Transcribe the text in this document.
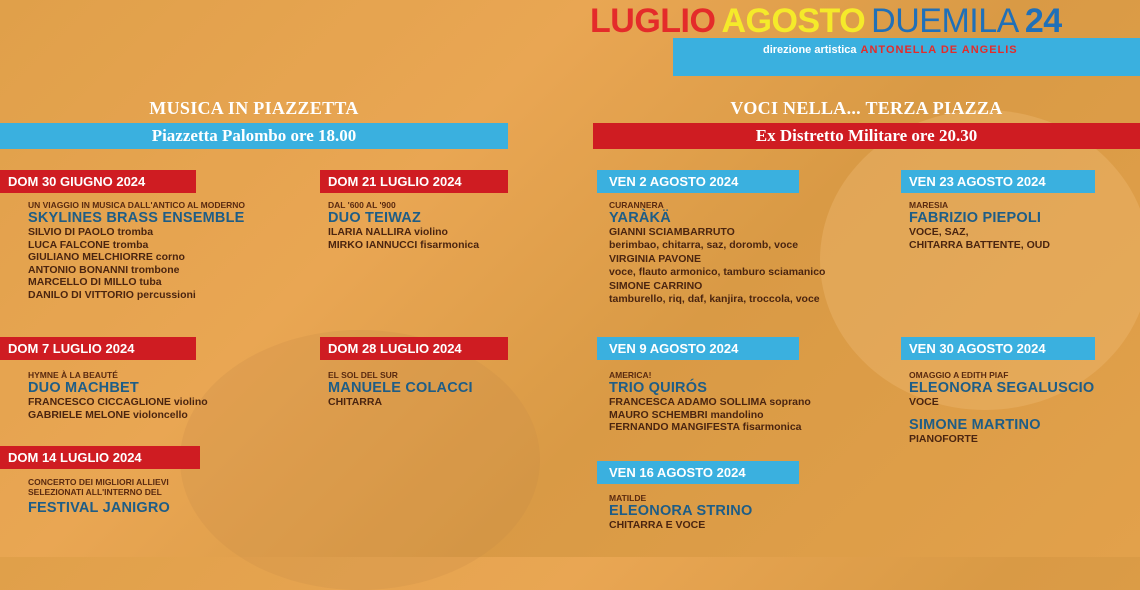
LUGLIO AGOSTO DUEMILA 24
direzione artistica ANTONELLA DE ANGELIS
MUSICA IN PIAZZETTA
Piazzetta Palombo ore 18.00
VOCI NELLA... TERZA PIAZZA
Ex Distretto Militare ore 20.30
DOM 30 GIUGNO 2024
UN VIAGGIO IN MUSICA DALL'ANTICO AL MODERNO
SKYLINES BRASS ENSEMBLE
SILVIO DI PAOLO tromba
LUCA FALCONE tromba
GIULIANO MELCHIORRE corno
ANTONIO BONANNI trombone
MARCELLO DI MILLO tuba
DANILO DI VITTORIO percussioni
DOM 21 LUGLIO 2024
DAL '600 AL '900
DUO TEIWAZ
ILARIA NALLIRA violino
MIRKO IANNUCCI fisarmonica
DOM 7 LUGLIO 2024
HYMNE À LA BEAUTÉ
DUO MACHBET
FRANCESCO CICCAGLIONE violino
GABRIELE MELONE violoncello
DOM 28 LUGLIO 2024
EL SOL DEL SUR
MANUELE COLACCI
CHITARRA
DOM 14 LUGLIO 2024
CONCERTO DEI MIGLIORI ALLIEVI
SELEZIONATI ALL'INTERNO DEL
FESTIVAL JANIGRO
VEN 2 AGOSTO 2024
CURANNERA
YARÀKÄ
GIANNI SCIAMBARRUTO
berimbao, chitarra, saz, doromb, voce
VIRGINIA PAVONE
voce, flauto armonico, tamburo sciamanico
SIMONE CARRINO
tamburello, riq, daf, kanjira, troccola, voce
VEN 23 AGOSTO 2024
MARESIA
FABRIZIO PIEPOLI
VOCE, SAZ,
CHITARRA BATTENTE, OUD
VEN 9 AGOSTO 2024
AMERICA!
TRIO QUIRÓS
FRANCESCA ADAMO SOLLIMA soprano
MAURO SCHEMBRI mandolino
FERNANDO MANGIFESTA fisarmonica
VEN 30 AGOSTO 2024
OMAGGIO A EDITH PIAF
ELEONORA SEGALUSCIO
VOCE
SIMONE MARTINO
PIANOFORTE
VEN 16 AGOSTO 2024
MATILDE
ELEONORA STRINO
CHITARRA E VOCE
